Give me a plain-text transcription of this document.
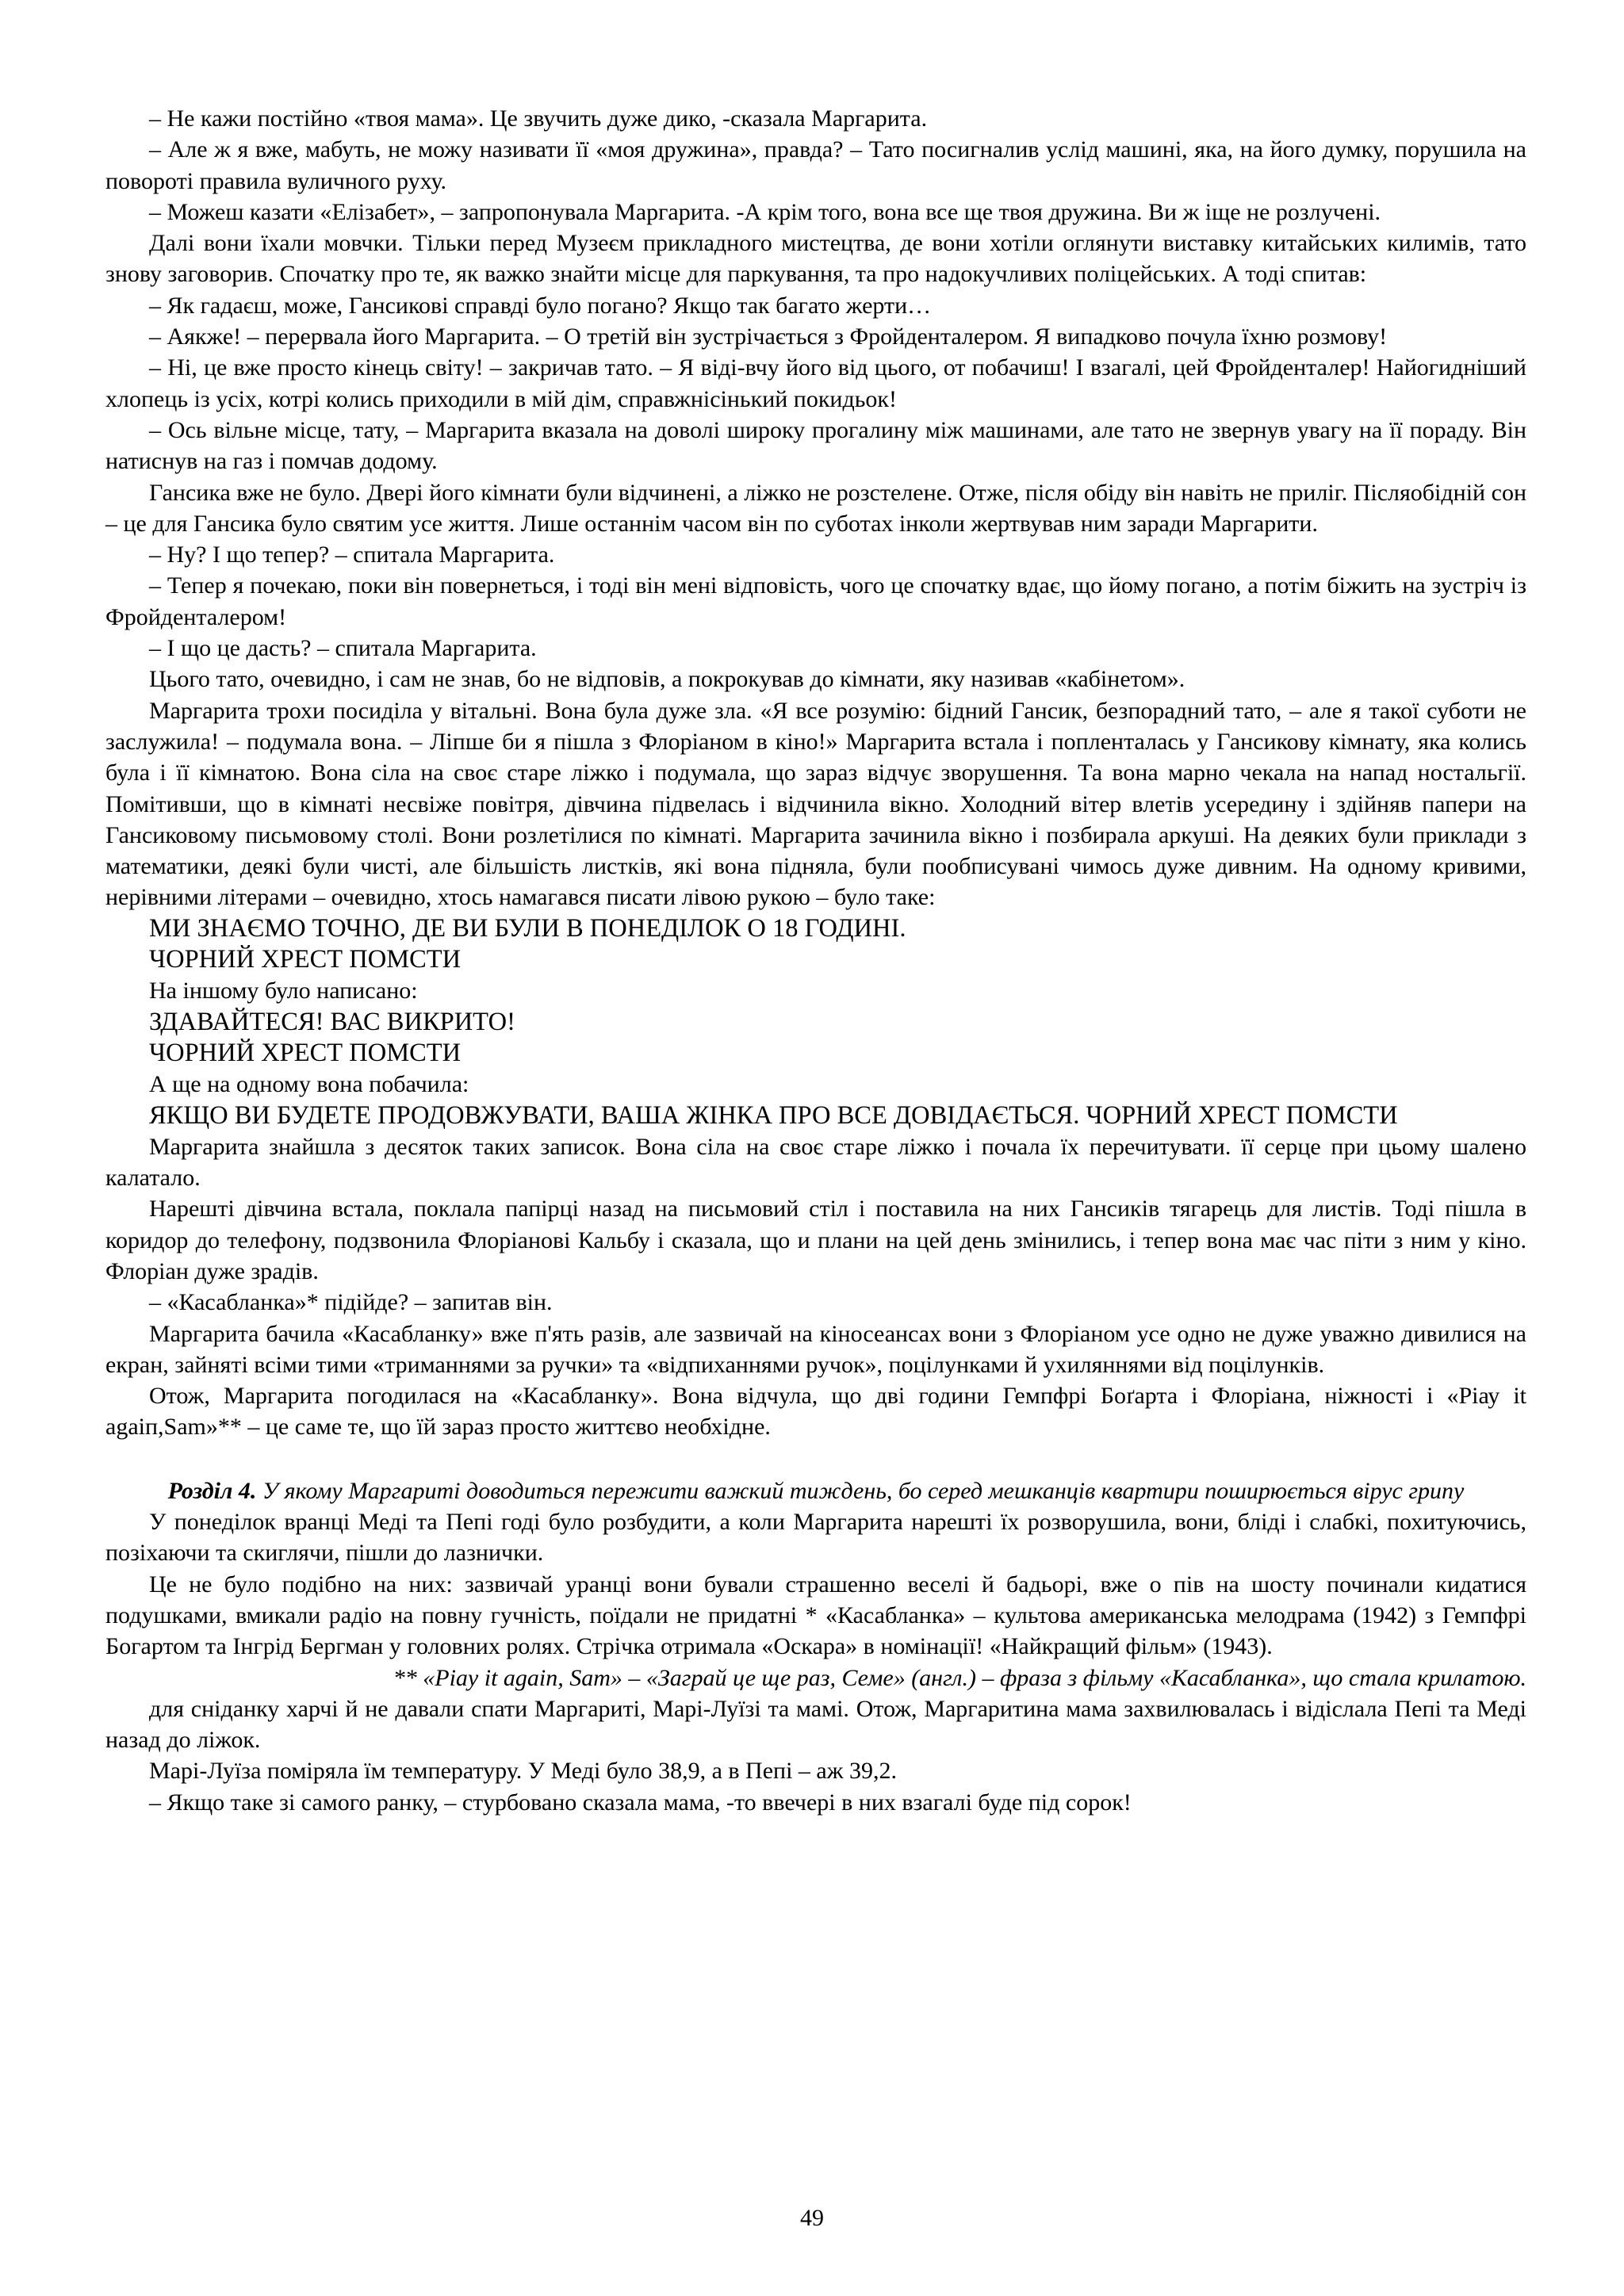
– Не кажи постійно «твоя мама». Це звучить дуже дико, -сказала Маргарита.

– Але ж я вже, мабуть, не можу називати її «моя дружина», правда? – Тато посигналив услід машині, яка, на його думку, порушила на повороті правила вуличного руху.

– Можеш казати «Елізабет», – запропонувала Маргарита. -А крім того, вона все ще твоя дружина. Ви ж іще не розлучені.

Далі вони їхали мовчки. Тільки перед Музеєм прикладного мистецтва, де вони хотіли оглянути виставку китайських килимів, тато знову заговорив. Спочатку про те, як важко знайти місце для паркування, та про надокучливих поліцейських. А тоді спитав:

– Як гадаєш, може, Гансикові справді було погано? Якщо так багато жерти…

– Аякже! – перервала його Маргарита. – О третій він зустрічається з Фройденталером. Я випадково почула їхню розмову!

– Ні, це вже просто кінець світу! – закричав тато. – Я віді-вчу його від цього, от побачиш! І взагалі, цей Фройденталер! Найогидніший хлопець із усіх, котрі колись приходили в мій дім, справжнісінький покидьок!

– Ось вільне місце, тату, – Маргарита вказала на доволі широку прогалину між машинами, але тато не звернув увагу на її пораду. Він натиснув на газ і помчав додому.

Гансика вже не було. Двері його кімнати були відчинені, а ліжко не розстелене. Отже, після обіду він навіть не приліг. Післяобідній сон – це для Гансика було святим усе життя. Лише останнім часом він по суботах інколи жертвував ним заради Маргарити.

– Ну? І що тепер? – спитала Маргарита.

– Тепер я почекаю, поки він повернеться, і тоді він мені відповість, чого це спочатку вдає, що йому погано, а потім біжить на зустріч із Фройденталером!

– І що це дасть? – спитала Маргарита.

Цього тато, очевидно, і сам не знав, бо не відповів, а покрокував до кімнати, яку називав «кабінетом».

Маргарита трохи посиділа у вітальні. Вона була дуже зла. «Я все розумію: бідний Гансик, безпорадний тато, – але я такої суботи не заслужила! – подумала вона. – Ліпше би я пішла з Флоріаном в кіно!» Маргарита встала і попленталась у Гансикову кімнату, яка колись була і її кімнатою. Вона сіла на своє старе ліжко і подумала, що зараз відчує зворушення. Та вона марно чекала на напад ностальгії. Помітивши, що в кімнаті несвіже повітря, дівчина підвелась і відчинила вікно. Холодний вітер влетів усередину і здійняв папери на Гансиковому письмовому столі. Вони розлетілися по кімнаті. Маргарита зачинила вікно і позбирала аркуші. На деяких були приклади з математики, деякі були чисті, але більшість листків, які вона підняла, були пообписувані чимось дуже дивним. На одному кривими, нерівними літерами – очевидно, хтось намагався писати лівою рукою – було таке:

МИ ЗНАЄМО ТОЧНО, ДЕ ВИ БУЛИ В ПОНЕДІЛОК О 18 ГОДИНІ.

ЧОРНИЙ ХРЕСТ ПОМСТИ

На іншому було написано:

ЗДАВАЙТЕСЯ! ВАС ВИКРИТО!

ЧОРНИЙ ХРЕСТ ПОМСТИ

А ще на одному вона побачила:

ЯКЩО ВИ БУДЕТЕ ПРОДОВЖУВАТИ, ВАША ЖІНКА ПРО ВСЕ ДОВІДАЄТЬСЯ. ЧОРНИЙ ХРЕСТ ПОМСТИ

Маргарита знайшла з десяток таких записок. Вона сіла на своє старе ліжко і почала їх перечитувати. її серце при цьому шалено калатало.

Нарешті дівчина встала, поклала папірці назад на письмовий стіл і поставила на них Гансиків тягарець для листів. Тоді пішла в коридор до телефону, подзвонила Флоріанові Кальбу і сказала, що и плани на цей день змінились, і тепер вона має час піти з ним у кіно. Флоріан дуже зрадів.

– «Касабланка»* підійде? – запитав він.

Маргарита бачила «Касабланку» вже п'ять разів, але зазвичай на кіносеансах вони з Флоріаном усе одно не дуже уважно дивилися на екран, зайняті всіми тими «триманнями за ручки» та «відпиханнями ручок», поцілунками й ухиляннями від поцілунків.

Отож, Маргарита погодилася на «Касабланку». Вона відчула, що дві години Гемпфрі Боґарта і Флоріана, ніжності і «Ріау it agaiп,Sam»** – це саме те, що їй зараз просто життєво необхідне.

Розділ 4. У якому Маргариті доводиться пережити важкий тиждень, бо серед мешканців квартири поширюється вірус грипу

У понеділок вранці Меді та Пепі годі було розбудити, а коли Маргарита нарешті їх розворушила, вони, бліді і слабкі, похитуючись, позіхаючи та скиглячи, пішли до лазнички.

Це не було подібно на них: зазвичай уранці вони бували страшенно веселі й бадьорі, вже о пів на шосту починали кидатися подушками, вмикали радіо на повну гучність, поїдали не придатні * «Касабланка» – культова американська мелодрама (1942) з Гемпфрі Богартом та Інгрід Бергман у головних ролях. Стрічка отримала «Оскара» в номінації! «Найкращий фільм» (1943).

** «Piay it again, Sam» – «Заграй це ще раз, Семе» (англ.) – фраза з фільму «Касабланка», що стала крилатою.

для сніданку харчі й не давали спати Маргариті, Марі-Луїзі та мамі. Отож, Маргаритина мама захвилювалась і відіслала Пепі та Меді назад до ліжок.

Марі-Луїза поміряла їм температуру. У Меді було 38,9, а в Пепі – аж 39,2.

– Якщо таке зі самого ранку, – стурбовано сказала мама, -то ввечері в них взагалі буде під сорок!

49
